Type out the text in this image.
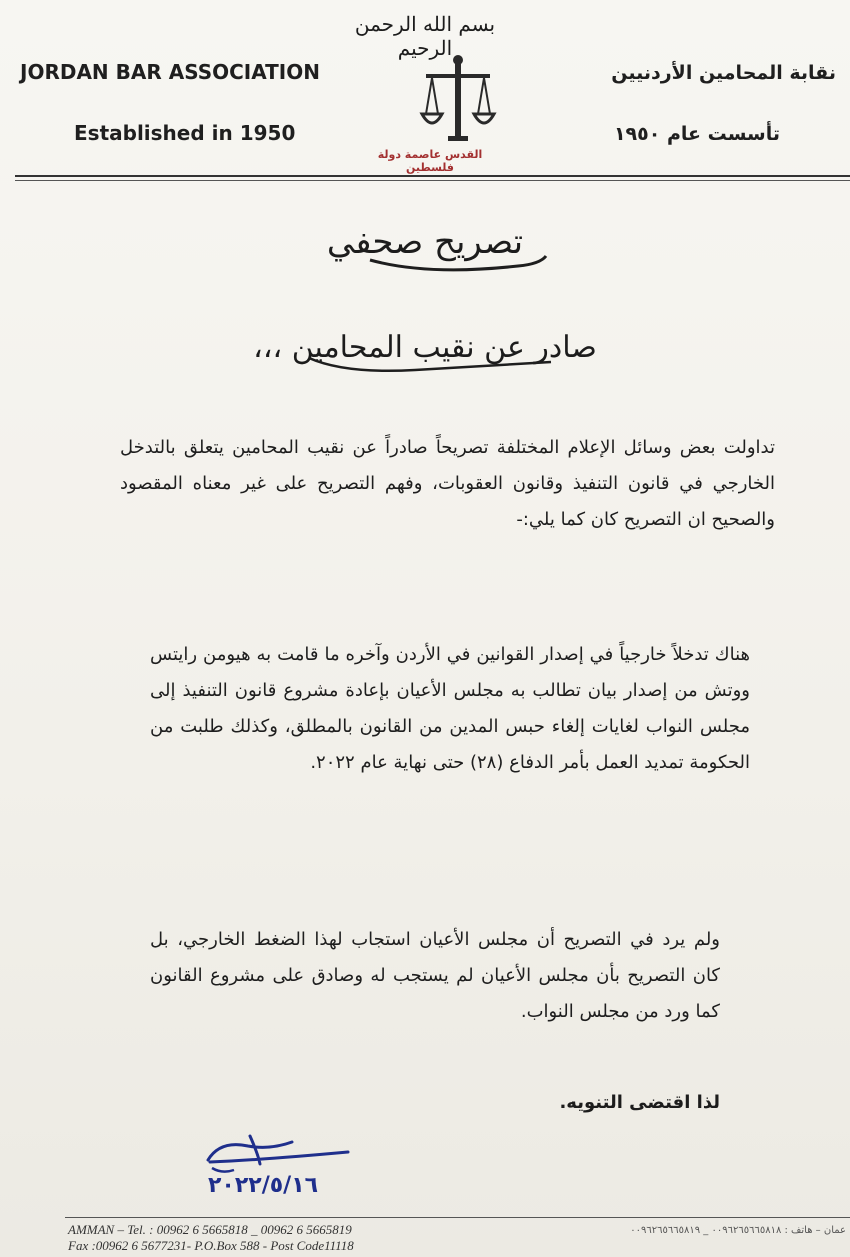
JORDAN BAR ASSOCIATION
Established in 1950
نقابة المحامين الأردنيين
تأسست عام ١٩٥٠
بسم الله الرحمن الرحيم
القدس عاصمة دولة فلسطين
تصريح صحفي
صادر عن نقيب المحامين ،،،
تداولت بعض وسائل الإعلام المختلفة تصريحاً صادراً عن نقيب المحامين يتعلق بالتدخل الخارجي في قانون التنفيذ وقانون العقوبات، وفهم التصريح على غير معناه المقصود والصحيح ان التصريح كان كما يلي:-
هناك تدخلاً خارجياً في إصدار القوانين في الأردن وآخره ما قامت به هيومن رايتس ووتش من إصدار بيان تطالب به مجلس الأعيان بإعادة مشروع قانون التنفيذ إلى مجلس النواب لغايات إلغاء حبس المدين من القانون بالمطلق، وكذلك طلبت من الحكومة تمديد العمل بأمر الدفاع (٢٨) حتى نهاية عام ٢٠٢٢.
ولم يرد في التصريح أن مجلس الأعيان استجاب لهذا الضغط الخارجي، بل كان التصريح بأن مجلس الأعيان لم يستجب له وصادق على مشروع القانون كما ورد من مجلس النواب.
لذا اقتضى التنويه.
٢٠٢٢/٥/١٦
AMMAN – Tel. : 00962 6 5665818 _ 00962 6 5665819
Fax :00962 6 5677231- P.O.Box 588 - Post Code11118
عمان – هاتف : ٠٠٩٦٢٦٥٦٦٥٨١٨ _ ٠٠٩٦٢٦٥٦٦٥٨١٩
